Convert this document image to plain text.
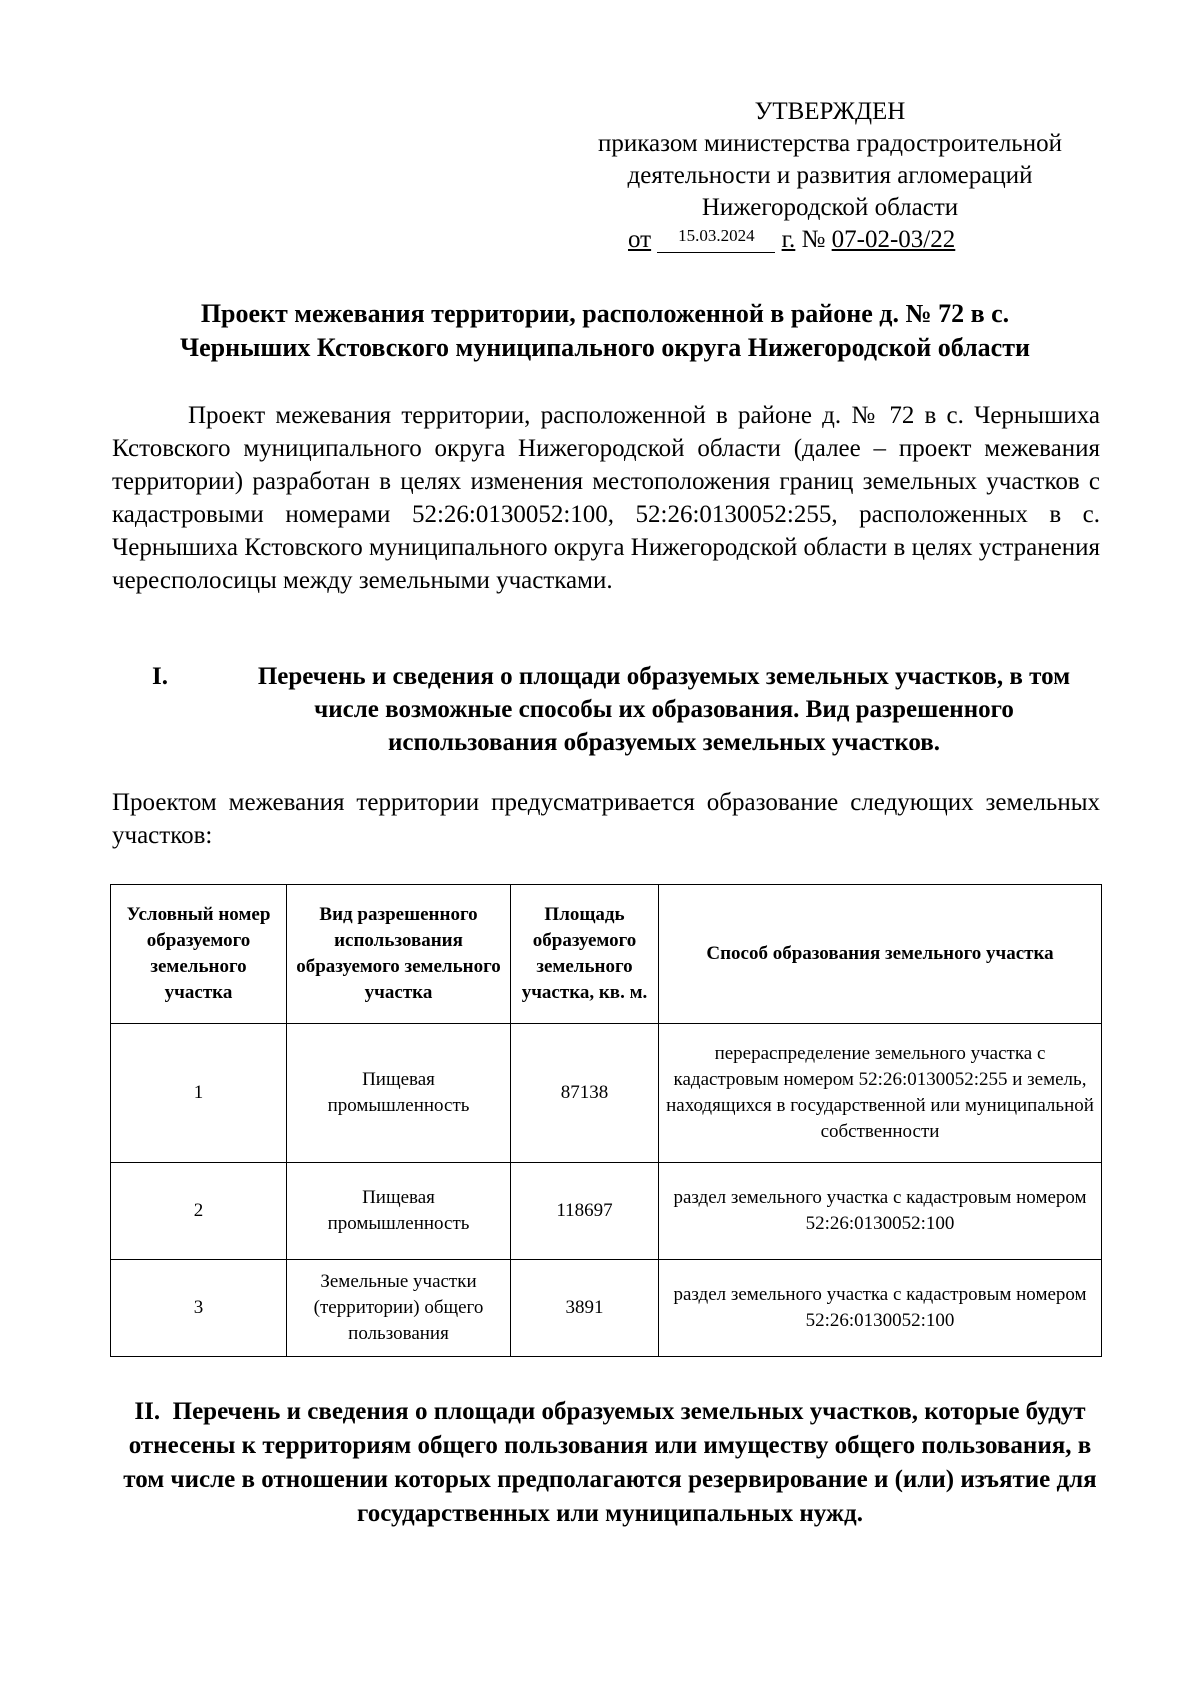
УТВЕРЖДЕН
приказом министерства градостроительной
деятельности и развития агломераций
Нижегородской области
от 15.03.2024 г. № 07-02-03/22
Проект межевания территории, расположенной в районе д. № 72 в с.
Черныших Кстовского муниципального округа Нижегородской области

Проект межевания территории, расположенной в районе д. № 72 в с. Чернышиха Кстовского муниципального округа Нижегородской области (далее – проект межевания территории) разработан в целях изменения местоположения границ земельных участков с кадастровыми номерами 52:26:0130052:100, 52:26:0130052:255, расположенных в с. Чернышиха Кстовского муниципального округа Нижегородской области в целях устранения чересполосицы между земельными участками.

I.	Перечень и сведения о площади образуемых земельных участков, в том числе возможные способы их образования. Вид разрешенного использования образуемых земельных участков.

Проектом межевания территории предусматривается образование следующих земельных участков:

Условный номер образуемого земельного участка	Вид разрешенного использования образуемого земельного участка	Площадь образуемого земельного участка, кв. м.	Способ образования земельного участка
1	Пищевая промышленность	87138	перераспределение земельного участка с кадастровым номером 52:26:0130052:255 и земель, находящихся в государственной или муниципальной собственности
2	Пищевая промышленность	118697	раздел земельного участка с кадастровым номером 52:26:0130052:100
3	Земельные участки (территории) общего пользования	3891	раздел земельного участка с кадастровым номером 52:26:0130052:100
II. Перечень и сведения о площади образуемых земельных участков, которые будут отнесены к территориям общего пользования или имуществу общего пользования, в том числе в отношении которых предполагаются резервирование и (или) изъятие для государственных или муниципальных нужд.
